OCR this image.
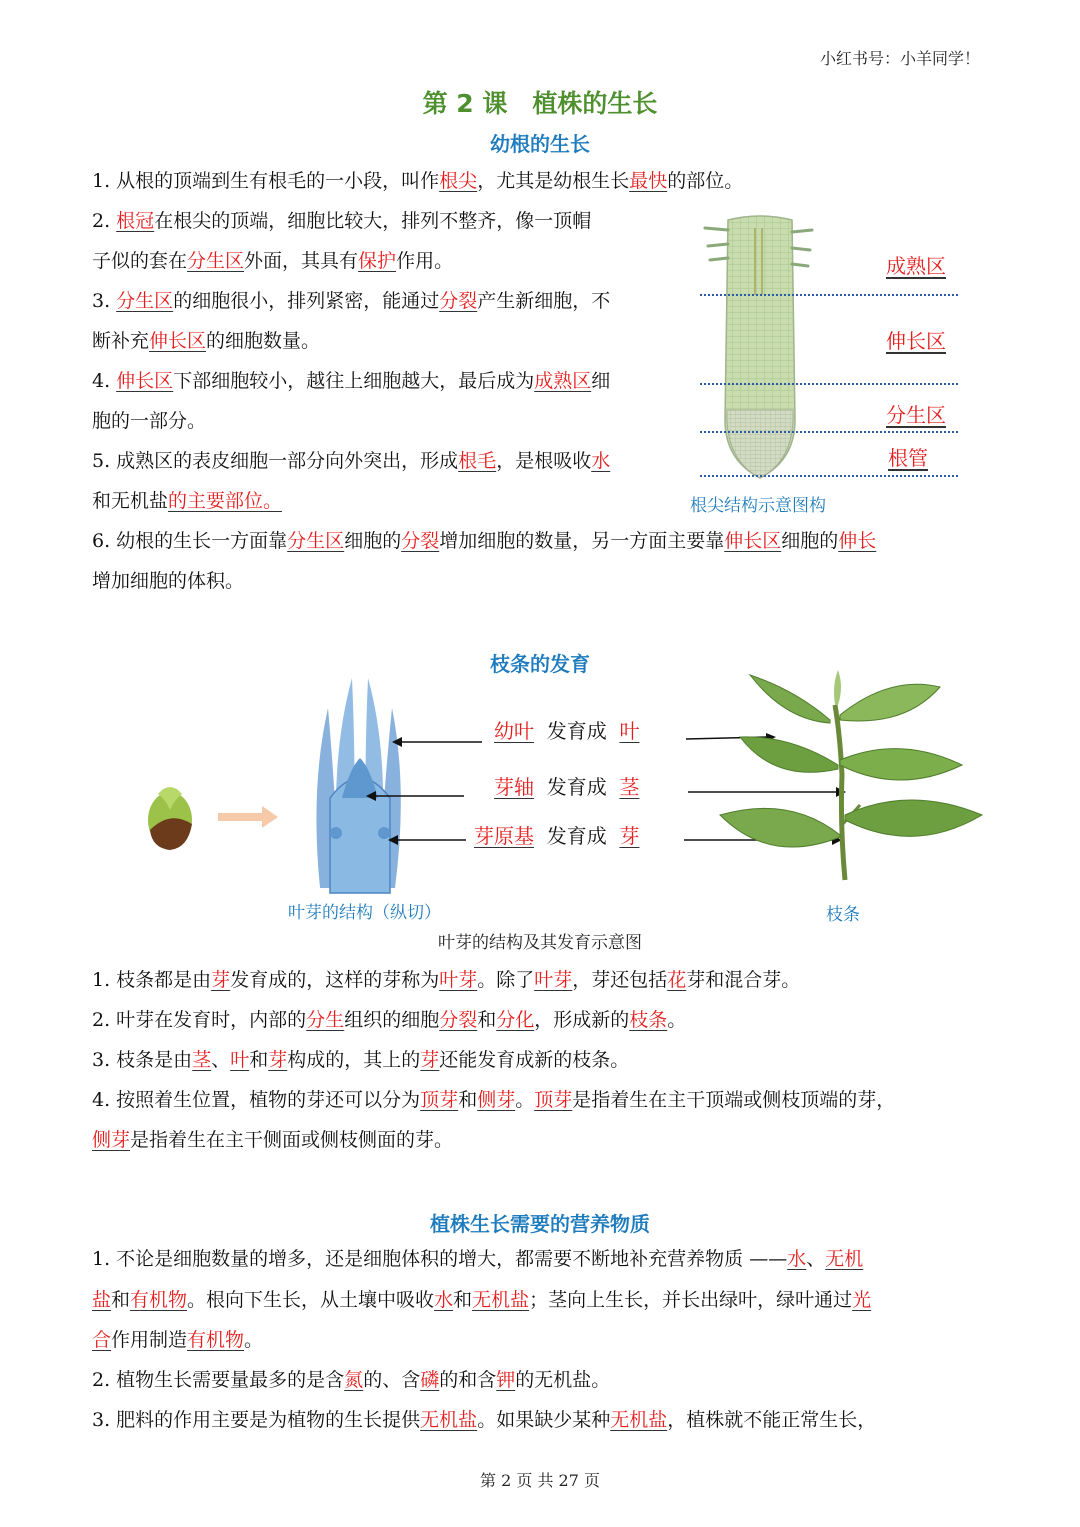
小红书号：小羊同学！
第 2 课　植株的生长
幼根的生长
1. 从根的顶端到生有根毛的一小段，叫作根尖，尤其是幼根生长最快的部位。
2. 根冠在根尖的顶端，细胞比较大，排列不整齐，像一顶帽
子似的套在分生区外面，其具有保护作用。
3. 分生区的细胞很小，排列紧密，能通过分裂产生新细胞，不
断补充伸长区的细胞数量。
4. 伸长区下部细胞较小，越往上细胞越大，最后成为成熟区细
胞的一部分。
5. 成熟区的表皮细胞一部分向外突出，形成根毛，是根吸收水
和无机盐的主要部位。
6. 幼根的生长一方面靠分生区细胞的分裂增加细胞的数量，另一方面主要靠伸长区细胞的伸长
增加细胞的体积。
成熟区
伸长区
分生区
根管
根尖结构示意图构
枝条的发育
幼叶 发育成 叶
芽轴 发育成 茎
芽原基 发育成 芽
叶芽的结构（纵切）	枝条
叶芽的结构及其发育示意图
1. 枝条都是由芽发育成的，这样的芽称为叶芽。除了叶芽，芽还包括花芽和混合芽。
2. 叶芽在发育时，内部的分生组织的细胞分裂和分化，形成新的枝条。
3. 枝条是由茎、叶和芽构成的，其上的芽还能发育成新的枝条。
4. 按照着生位置，植物的芽还可以分为顶芽和侧芽。顶芽是指着生在主干顶端或侧枝顶端的芽，
侧芽是指着生在主干侧面或侧枝侧面的芽。
植株生长需要的营养物质
1. 不论是细胞数量的增多，还是细胞体积的增大，都需要不断地补充营养物质 ——水、无机
盐和有机物。根向下生长，从土壤中吸收水和无机盐；茎向上生长，并长出绿叶，绿叶通过光
合作用制造有机物。
2. 植物生长需要量最多的是含氮的、含磷的和含钾的无机盐。
3. 肥料的作用主要是为植物的生长提供无机盐。如果缺少某种无机盐，植株就不能正常生长，
第 2 页 共 27 页
